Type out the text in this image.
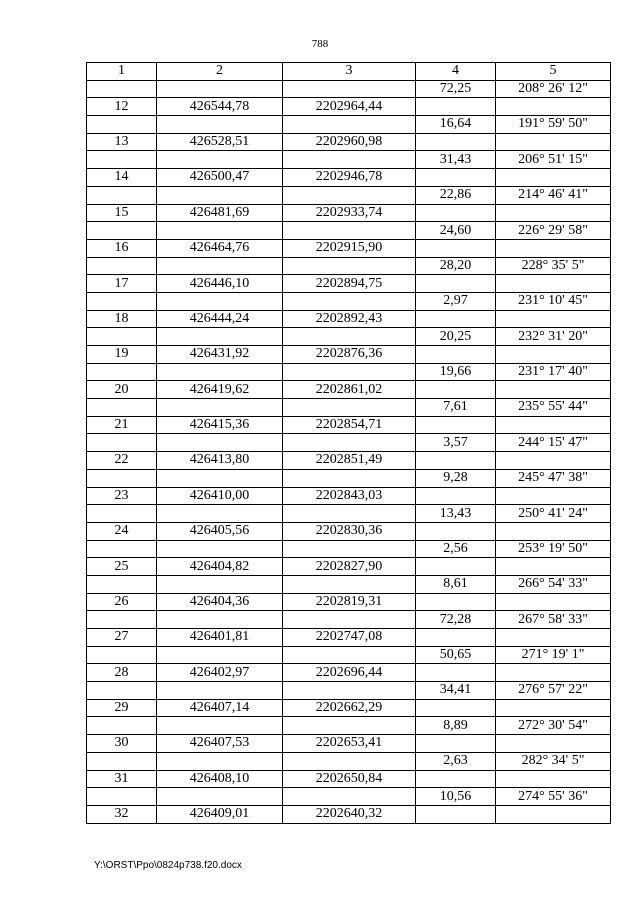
788
1	2	3	4	5
			72,25	208° 26' 12"
12	426544,78	2202964,44		
			16,64	191° 59' 50"
13	426528,51	2202960,98		
			31,43	206° 51' 15"
14	426500,47	2202946,78		
			22,86	214° 46' 41"
15	426481,69	2202933,74		
			24,60	226° 29' 58"
16	426464,76	2202915,90		
			28,20	228° 35' 5"
17	426446,10	2202894,75		
			2,97	231° 10' 45"
18	426444,24	2202892,43		
			20,25	232° 31' 20"
19	426431,92	2202876,36		
			19,66	231° 17' 40"
20	426419,62	2202861,02		
			7,61	235° 55' 44"
21	426415,36	2202854,71		
			3,57	244° 15' 47"
22	426413,80	2202851,49		
			9,28	245° 47' 38"
23	426410,00	2202843,03		
			13,43	250° 41' 24"
24	426405,56	2202830,36		
			2,56	253° 19' 50"
25	426404,82	2202827,90		
			8,61	266° 54' 33"
26	426404,36	2202819,31		
			72,28	267° 58' 33"
27	426401,81	2202747,08		
			50,65	271° 19' 1"
28	426402,97	2202696,44		
			34,41	276° 57' 22"
29	426407,14	2202662,29		
			8,89	272° 30' 54"
30	426407,53	2202653,41		
			2,63	282° 34' 5"
31	426408,10	2202650,84		
			10,56	274° 55' 36"
32	426409,01	2202640,32		
Y:\ORST\Ppo\0824p738.f20.docx
